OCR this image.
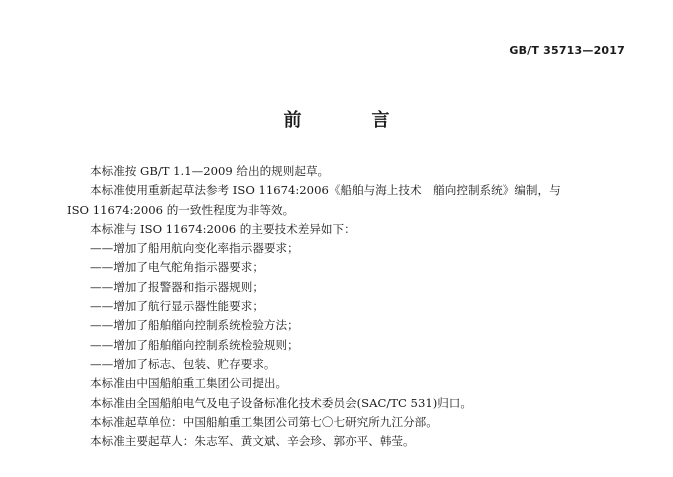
GB/T 35713—2017
前　言

本标准按 GB/T 1.1—2009 给出的规则起草。

本标准使用重新起草法参考 ISO 11674:2006《船舶与海上技术　艏向控制系统》编制，与

ISO 11674:2006 的一致性程度为非等效。

本标准与 ISO 11674:2006 的主要技术差异如下：

——增加了船用航向变化率指示器要求；

——增加了电气舵角指示器要求；

——增加了报警器和指示器规则；

——增加了航行显示器性能要求；

——增加了船舶艏向控制系统检验方法；

——增加了船舶艏向控制系统检验规则；

——增加了标志、包装、贮存要求。

本标准由中国船舶重工集团公司提出。

本标准由全国船舶电气及电子设备标准化技术委员会(SAC/TC 531)归口。

本标准起草单位：中国船舶重工集团公司第七〇七研究所九江分部。

本标准主要起草人：朱志军、黄文斌、辛会珍、郭亦平、韩莹。
